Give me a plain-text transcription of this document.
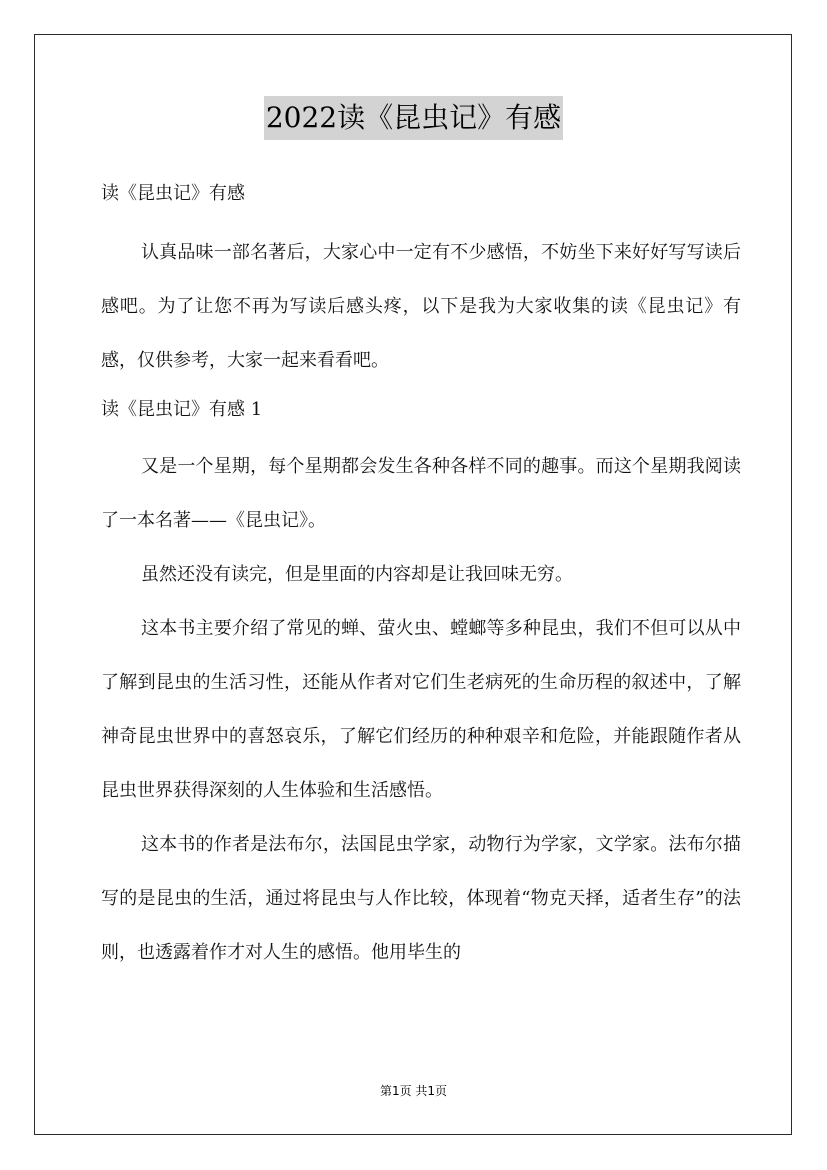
2022读《昆虫记》有感

读《昆虫记》有感

认真品味一部名著后，大家心中一定有不少感悟，不妨坐下来好好写写读后感吧。为了让您不再为写读后感头疼，以下是我为大家收集的读《昆虫记》有感，仅供参考，大家一起来看看吧。

读《昆虫记》有感 1

又是一个星期，每个星期都会发生各种各样不同的趣事。而这个星期我阅读了一本名著——《昆虫记》。

虽然还没有读完，但是里面的内容却是让我回味无穷。

这本书主要介绍了常见的蝉、萤火虫、螳螂等多种昆虫，我们不但可以从中了解到昆虫的生活习性，还能从作者对它们生老病死的生命历程的叙述中，了解神奇昆虫世界中的喜怒哀乐，了解它们经历的种种艰辛和危险，并能跟随作者从昆虫世界获得深刻的人生体验和生活感悟。

这本书的作者是法布尔，法国昆虫学家，动物行为学家，文学家。法布尔描写的是昆虫的生活，通过将昆虫与人作比较，体现着“物克天择，适者生存”的法则，也透露着作才对人生的感悟。他用毕生的

第1页 共1页
